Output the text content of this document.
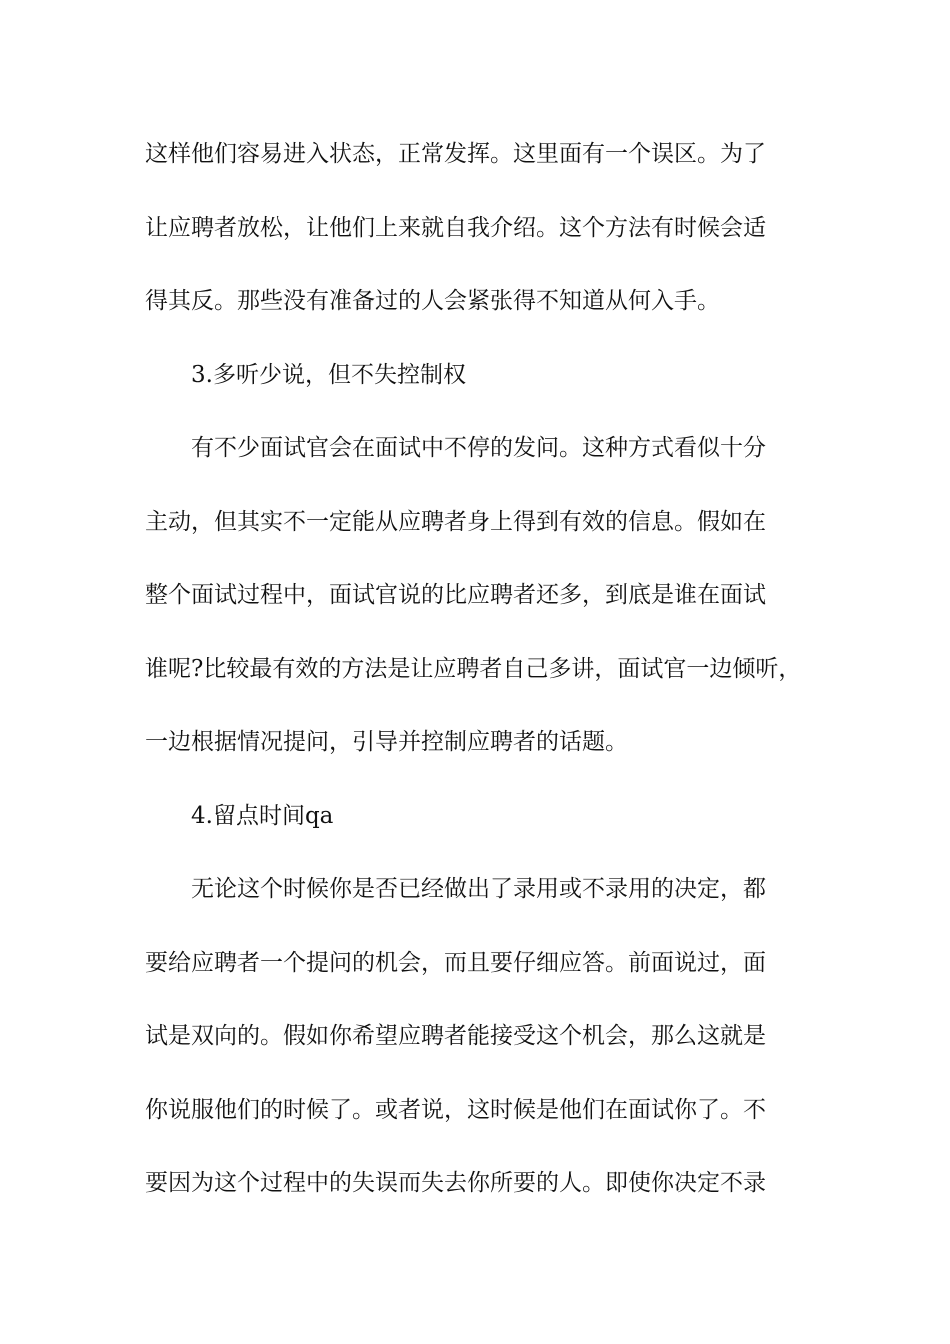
这样他们容易进入状态，正常发挥。这里面有一个误区。为了
让应聘者放松，让他们上来就自我介绍。这个方法有时候会适
得其反。那些没有准备过的人会紧张得不知道从何入手。
3.多听少说，但不失控制权
有不少面试官会在面试中不停的发问。这种方式看似十分
主动，但其实不一定能从应聘者身上得到有效的信息。假如在
整个面试过程中，面试官说的比应聘者还多，到底是谁在面试
谁呢?比较最有效的方法是让应聘者自己多讲，面试官一边倾听，
一边根据情况提问，引导并控制应聘者的话题。
4.留点时间qa
无论这个时候你是否已经做出了录用或不录用的决定，都
要给应聘者一个提问的机会，而且要仔细应答。前面说过，面
试是双向的。假如你希望应聘者能接受这个机会，那么这就是
你说服他们的时候了。或者说，这时候是他们在面试你了。不
要因为这个过程中的失误而失去你所要的人。即使你决定不录
